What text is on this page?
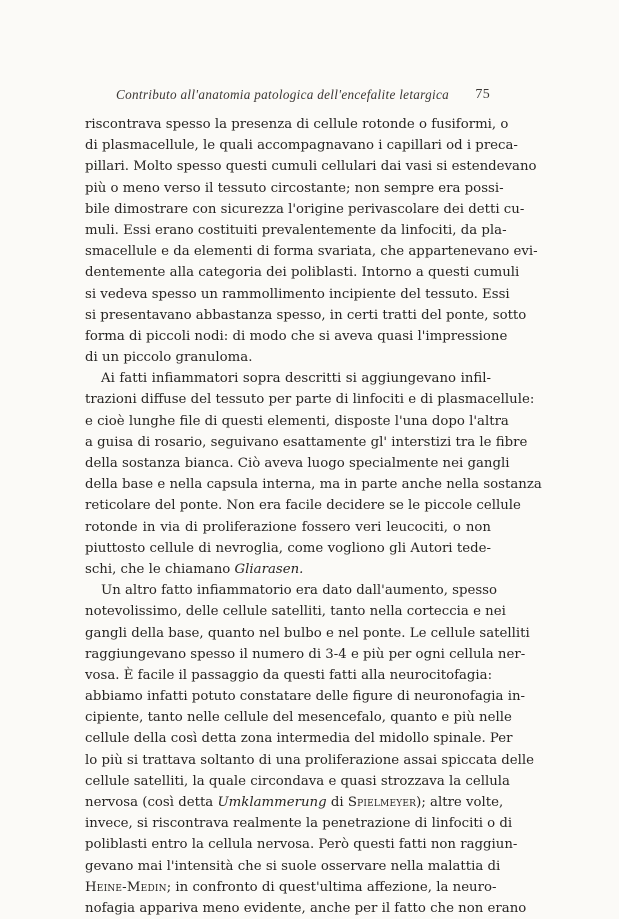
Contributo all'anatomia patologica dell'encefalite letargica 75
riscontrava spesso la presenza di cellule rotonde o fusiformi, o
di plasmacellule, le quali accompagnavano i capillari od i preca-
pillari. Molto spesso questi cumuli cellulari dai vasi si estendevano
più o meno verso il tessuto circostante; non sempre era possi-
bile dimostrare con sicurezza l'origine perivascolare dei detti cu-
muli. Essi erano costituiti prevalentemente da linfociti, da pla-
smacellule e da elementi di forma svariata, che appartenevano evi-
dentemente alla categoria dei poliblasti. Intorno a questi cumuli
si vedeva spesso un rammollimento incipiente del tessuto. Essi
si presentavano abbastanza spesso, in certi tratti del ponte, sotto
forma di piccoli nodi: di modo che si aveva quasi l'impressione
di un piccolo granuloma.
Ai fatti infiammatori sopra descritti si aggiungevano infil-
trazioni diffuse del tessuto per parte di linfociti e di plasmacellule:
e cioè lunghe file di questi elementi, disposte l'una dopo l'altra
a guisa di rosario, seguivano esattamente gl' interstizi tra le fibre
della sostanza bianca. Ciò aveva luogo specialmente nei gangli
della base e nella capsula interna, ma in parte anche nella sostanza
reticolare del ponte. Non era facile decidere se le piccole cellule
rotonde in via di proliferazione fossero veri leucociti, o non
piuttosto cellule di nevroglia, come vogliono gli Autori tede-
schi, che le chiamano Gliarasen.
Un altro fatto infiammatorio era dato dall'aumento, spesso
notevolissimo, delle cellule satelliti, tanto nella corteccia e nei
gangli della base, quanto nel bulbo e nel ponte. Le cellule satelliti
raggiungevano spesso il numero di 3-4 e più per ogni cellula ner-
vosa. È facile il passaggio da questi fatti alla neurocitofagia:
abbiamo infatti potuto constatare delle figure di neuronofagia in-
cipiente, tanto nelle cellule del mesencefalo, quanto e più nelle
cellule della così detta zona intermedia del midollo spinale. Per
lo più si trattava soltanto di una proliferazione assai spiccata delle
cellule satelliti, la quale circondava e quasi strozzava la cellula
nervosa (così detta Umklammerung di Spielmeyer); altre volte,
invece, si riscontrava realmente la penetrazione di linfociti o di
poliblasti entro la cellula nervosa. Però questi fatti non raggiun-
gevano mai l'intensità che si suole osservare nella malattia di
Heine-Medin; in confronto di quest'ultima affezione, la neuro-
nofagia appariva meno evidente, anche per il fatto che non erano
